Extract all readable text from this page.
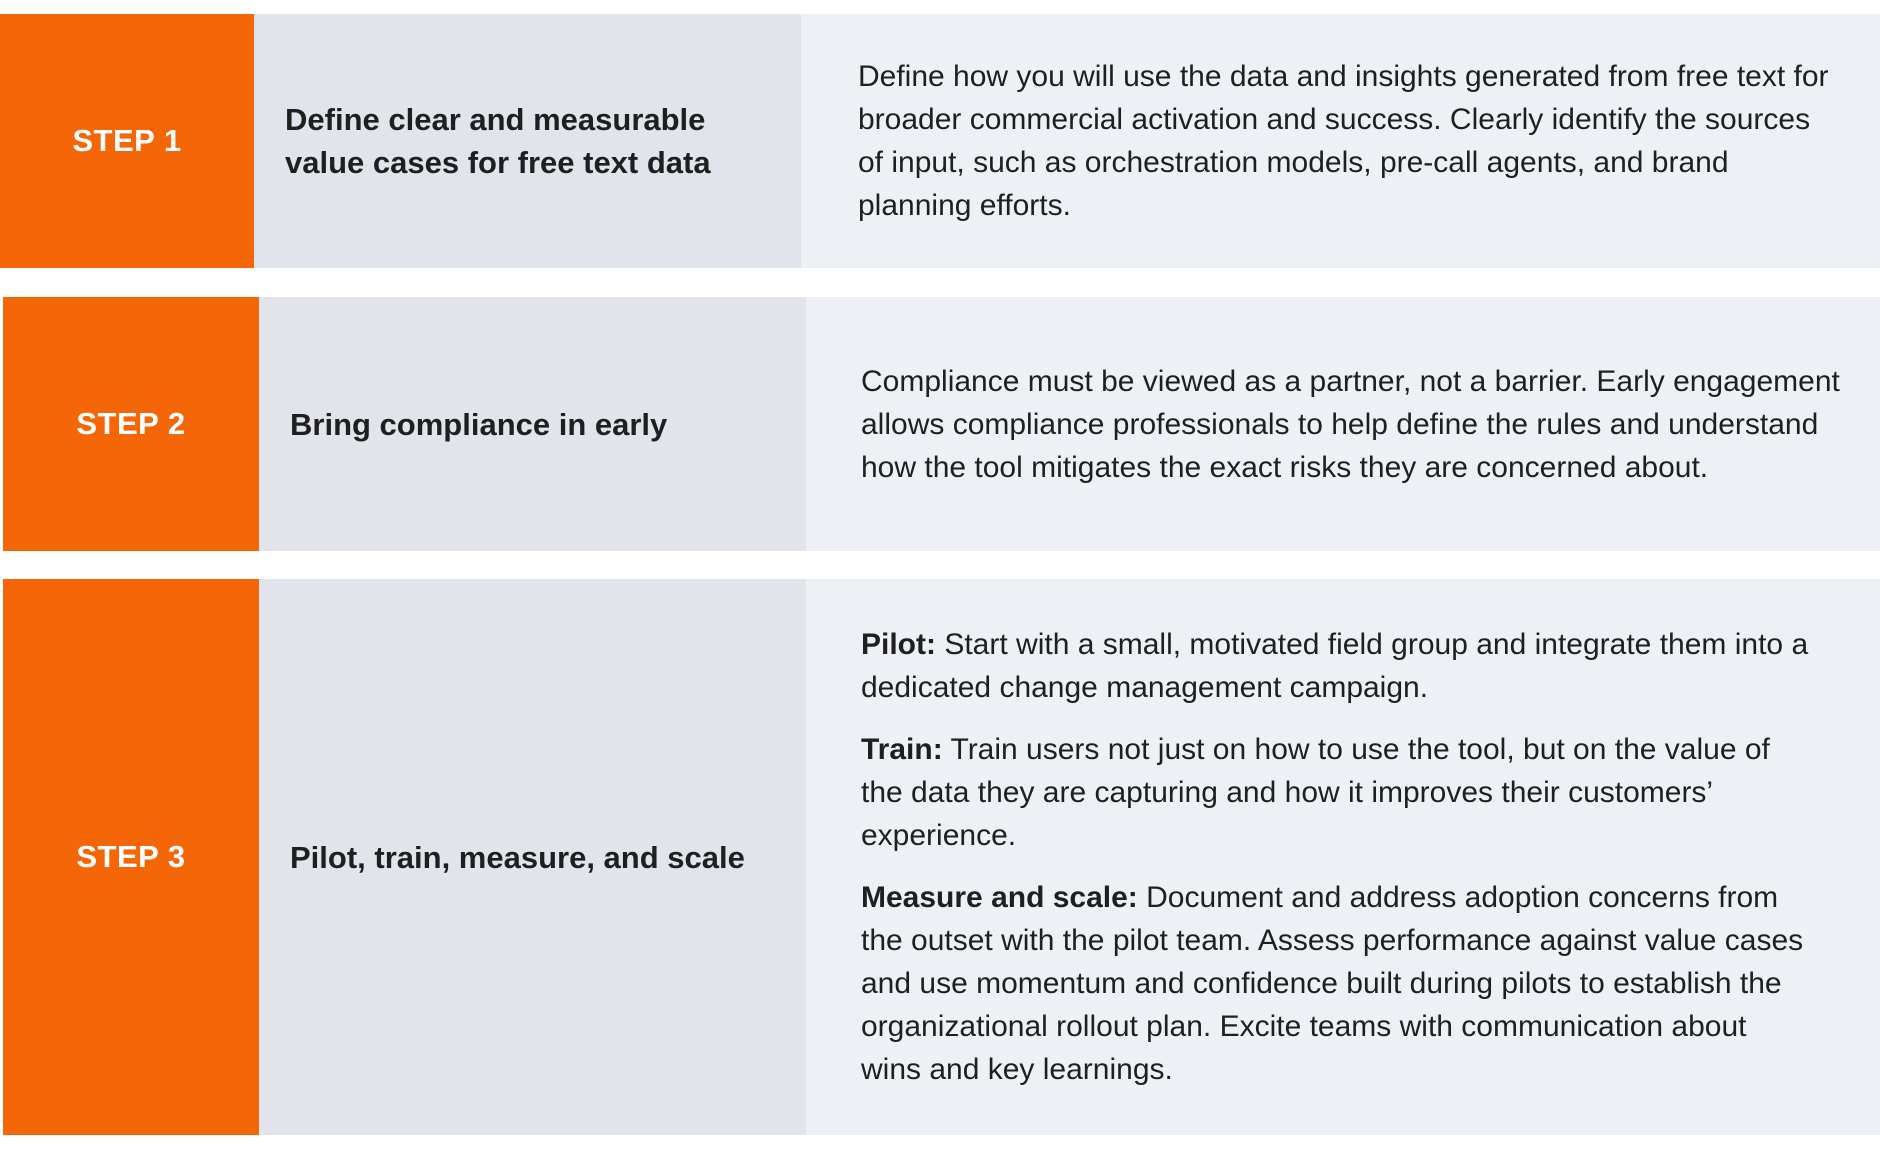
STEP 1
Define clear and measurable value cases for free text data

Define how you will use the data and insights generated from free text for broader commercial activation and success. Clearly identify the sources of input, such as orchestration models, pre-call agents, and brand planning efforts.

STEP 2	Bring compliance in early

Compliance must be viewed as a partner, not a barrier. Early engagement allows compliance professionals to help define the rules and understand how the tool mitigates the exact risks they are concerned about.

STEP 3	Pilot, train, measure, and scale

Pilot: Start with a small, motivated field group and integrate them into a dedicated change management campaign.

Train: Train users not just on how to use the tool, but on the value of the data they are capturing and how it improves their customers’ experience.

Measure and scale: Document and address adoption concerns from the outset with the pilot team. Assess performance against value cases and use momentum and confidence built during pilots to establish the organizational rollout plan. Excite teams with communication about wins and key learnings.
